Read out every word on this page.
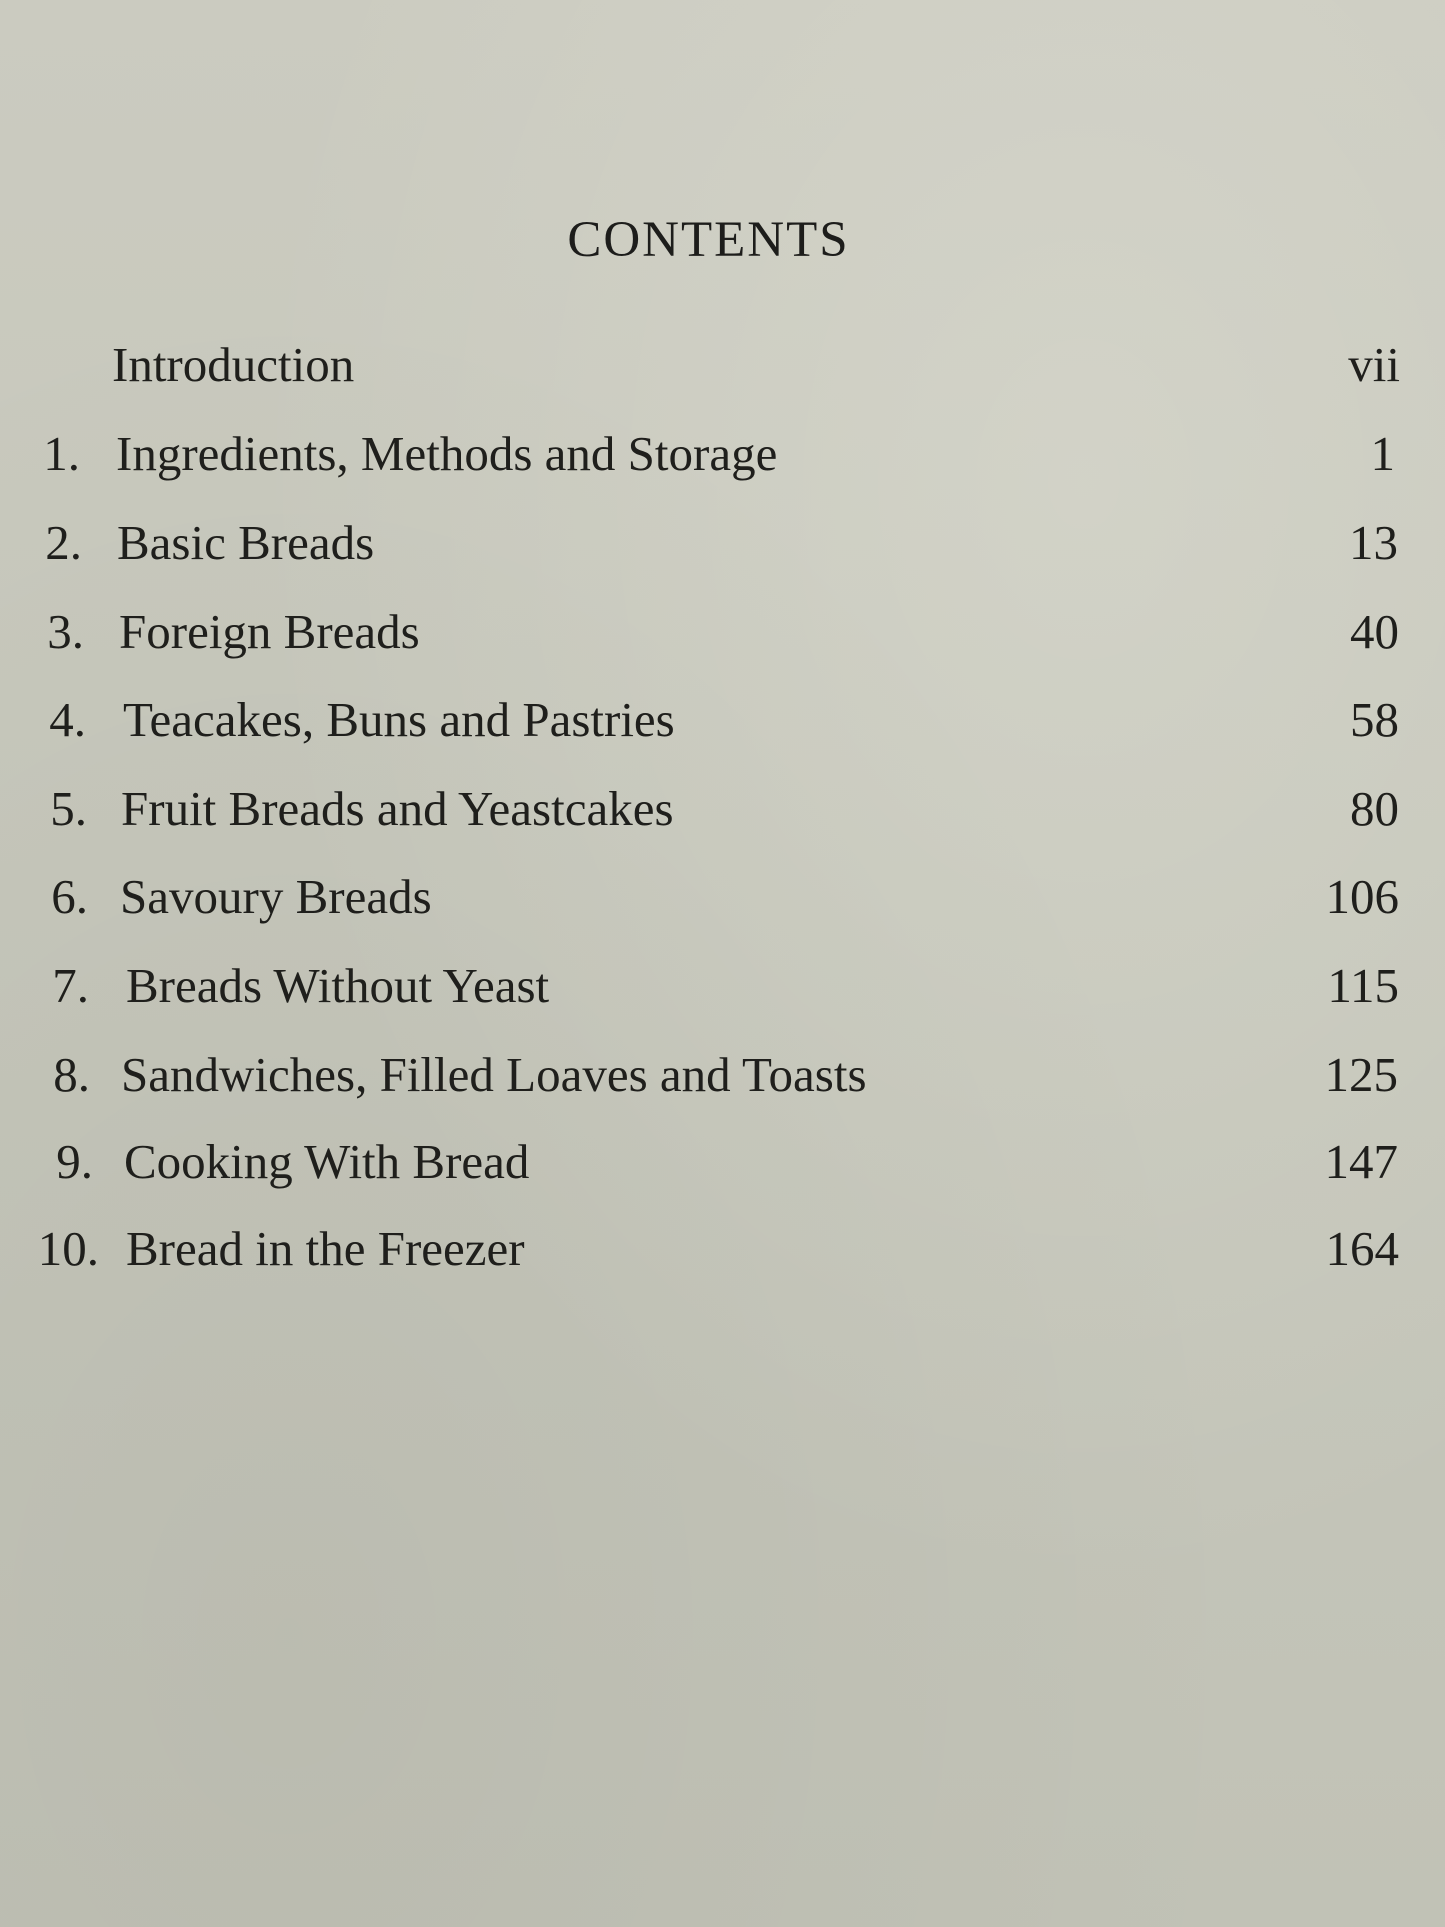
CONTENTS
Introduction	vii
1. Ingredients, Methods and Storage	1
2. Basic Breads	13
3. Foreign Breads	40
4. Teacakes, Buns and Pastries	58
5. Fruit Breads and Yeastcakes	80
6. Savoury Breads	106
7. Breads Without Yeast	115
8. Sandwiches, Filled Loaves and Toasts	125
9. Cooking With Bread	147
10. Bread in the Freezer	164
